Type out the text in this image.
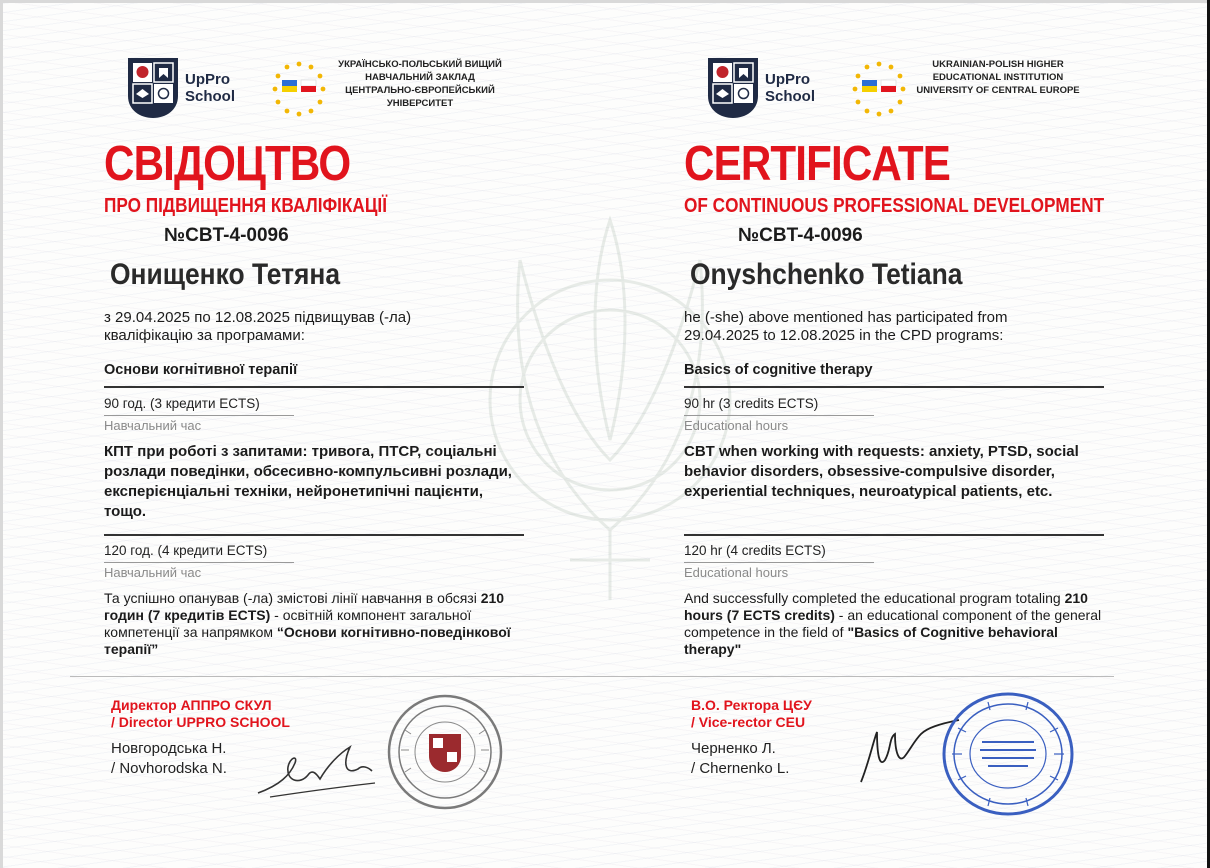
UpPro
School
УКРАЇНСЬКО-ПОЛЬСЬКИЙ ВИЩИЙ НАВЧАЛЬНИЙ ЗАКЛАД ЦЕНТРАЛЬНО-ЄВРОПЕЙСЬКИЙ УНІВЕРСИТЕТ
СВІДОЦТВО
ПРО ПІДВИЩЕННЯ КВАЛІФІКАЦІЇ
№CBT-4-0096
Онищенко Тетяна
з 29.04.2025 по 12.08.2025 підвищував (-ла)
кваліфікацію за програмами:
Основи когнітивної терапії
90 год. (3 кредити ECTS)
Навчальний час
КПТ при роботі з запитами: тривога, ПТСР, соціальні розлади поведінки, обсесивно-компульсивні розлади, експерієнціальні техніки, нейронетипічні пацієнти, тощо.
120 год. (4 кредити ECTS)
Навчальний час
Та успішно опанував (-ла) змістові лінії навчання в обсязі 210 годин (7 кредитів ECTS) - освітній компонент загальної компетенції за напрямком “Основи когнітивно-поведінкової терапії”
Директор АППРО СКУЛ
/ Director UPPRO SCHOOL
Новгородська Н.
/ Novhorodska N.
UpPro
School
UKRAINIAN-POLISH HIGHER EDUCATIONAL INSTITUTION UNIVERSITY OF CENTRAL EUROPE
CERTIFICATE
OF CONTINUOUS PROFESSIONAL DEVELOPMENT
№CBT-4-0096
Onyshchenko Tetiana
he (-she) above mentioned has participated from
29.04.2025 to 12.08.2025 in the CPD programs:
Basics of cognitive therapy
90 hr (3 credits ECTS)
Educational hours
CBT when working with requests: anxiety, PTSD, social behavior disorders, obsessive-compulsive disorder, experiential techniques, neuroatypical patients, etc.
120 hr (4 credits ECTS)
Educational hours
And successfully completed the educational program totaling 210 hours (7 ECTS credits) - an educational component of the general competence in the field of "Basics of Cognitive behavioral therapy"
В.О. Ректора ЦЄУ
/ Vice-rector CEU
Черненко Л.
/ Chernenko L.
